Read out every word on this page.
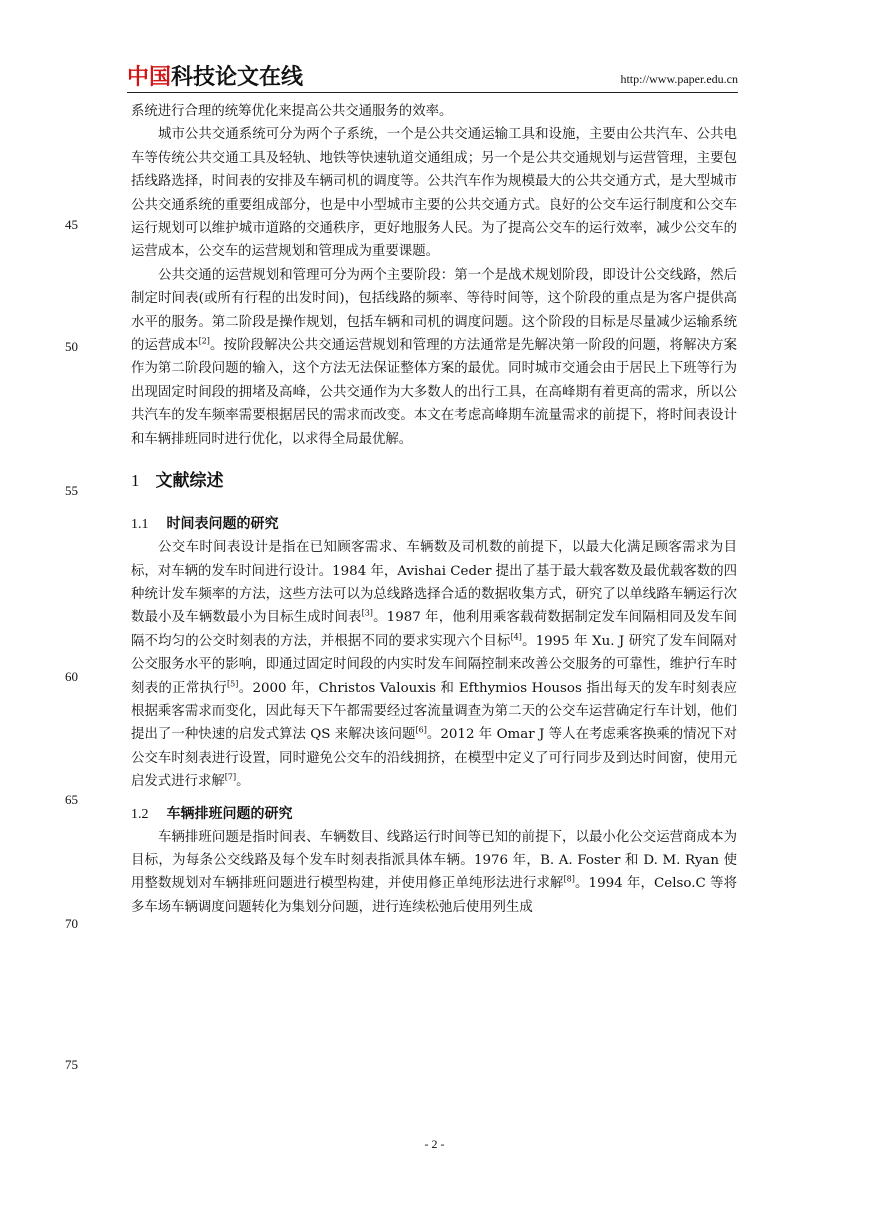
中国科技论文在线	http://www.paper.edu.cn
45
50
55
60
65
70
75

系统进行合理的统筹优化来提高公共交通服务的效率。

城市公共交通系统可分为两个子系统，一个是公共交通运输工具和设施，主要由公共汽车、公共电车等传统公共交通工具及轻轨、地铁等快速轨道交通组成；另一个是公共交通规划与运营管理，主要包括线路选择，时间表的安排及车辆司机的调度等。公共汽车作为规模最大的公共交通方式，是大型城市公共交通系统的重要组成部分，也是中小型城市主要的公共交通方式。良好的公交车运行制度和公交车运行规划可以维护城市道路的交通秩序，更好地服务人民。为了提高公交车的运行效率，减少公交车的运营成本，公交车的运营规划和管理成为重要课题。

公共交通的运营规划和管理可分为两个主要阶段：第一个是战术规划阶段，即设计公交线路，然后制定时间表(或所有行程的出发时间)，包括线路的频率、等待时间等，这个阶段的重点是为客户提供高水平的服务。第二阶段是操作规划，包括车辆和司机的调度问题。这个阶段的目标是尽量减少运输系统的运营成本[2]。按阶段解决公共交通运营规划和管理的方法通常是先解决第一阶段的问题，将解决方案作为第二阶段问题的输入，这个方法无法保证整体方案的最优。同时城市交通会由于居民上下班等行为出现固定时间段的拥堵及高峰，公共交通作为大多数人的出行工具，在高峰期有着更高的需求，所以公共汽车的发车频率需要根据居民的需求而改变。本文在考虑高峰期车流量需求的前提下，将时间表设计和车辆排班同时进行优化，以求得全局最优解。

1 文献综述
1.1 时间表问题的研究

公交车时间表设计是指在已知顾客需求、车辆数及司机数的前提下，以最大化满足顾客需求为目标，对车辆的发车时间进行设计。1984 年，Avishai Ceder 提出了基于最大载客数及最优载客数的四种统计发车频率的方法，这些方法可以为总线路选择合适的数据收集方式，研究了以单线路车辆运行次数最小及车辆数最小为目标生成时间表[3]。1987 年，他利用乘客载荷数据制定发车间隔相同及发车间隔不均匀的公交时刻表的方法，并根据不同的要求实现六个目标[4]。1995 年 Xu. J 研究了发车间隔对公交服务水平的影响，即通过固定时间段的内实时发车间隔控制来改善公交服务的可靠性，维护行车时刻表的正常执行[5]。2000 年，Christos Valouxis 和 Efthymios Housos 指出每天的发车时刻表应根据乘客需求而变化，因此每天下午都需要经过客流量调查为第二天的公交车运营确定行车计划，他们提出了一种快速的启发式算法 QS 来解决该问题[6]。2012 年 Omar J 等人在考虑乘客换乘的情况下对公交车时刻表进行设置，同时避免公交车的沿线拥挤，在模型中定义了可行同步及到达时间窗，使用元启发式进行求解[7]。

1.2 车辆排班问题的研究

车辆排班问题是指时间表、车辆数目、线路运行时间等已知的前提下，以最小化公交运营商成本为目标，为每条公交线路及每个发车时刻表指派具体车辆。1976 年，B. A. Foster 和 D. M. Ryan 使用整数规划对车辆排班问题进行模型构建，并使用修正单纯形法进行求解[8]。1994 年，Celso.C 等将多车场车辆调度问题转化为集划分问题，进行连续松弛后使用列生成

- 2 -
